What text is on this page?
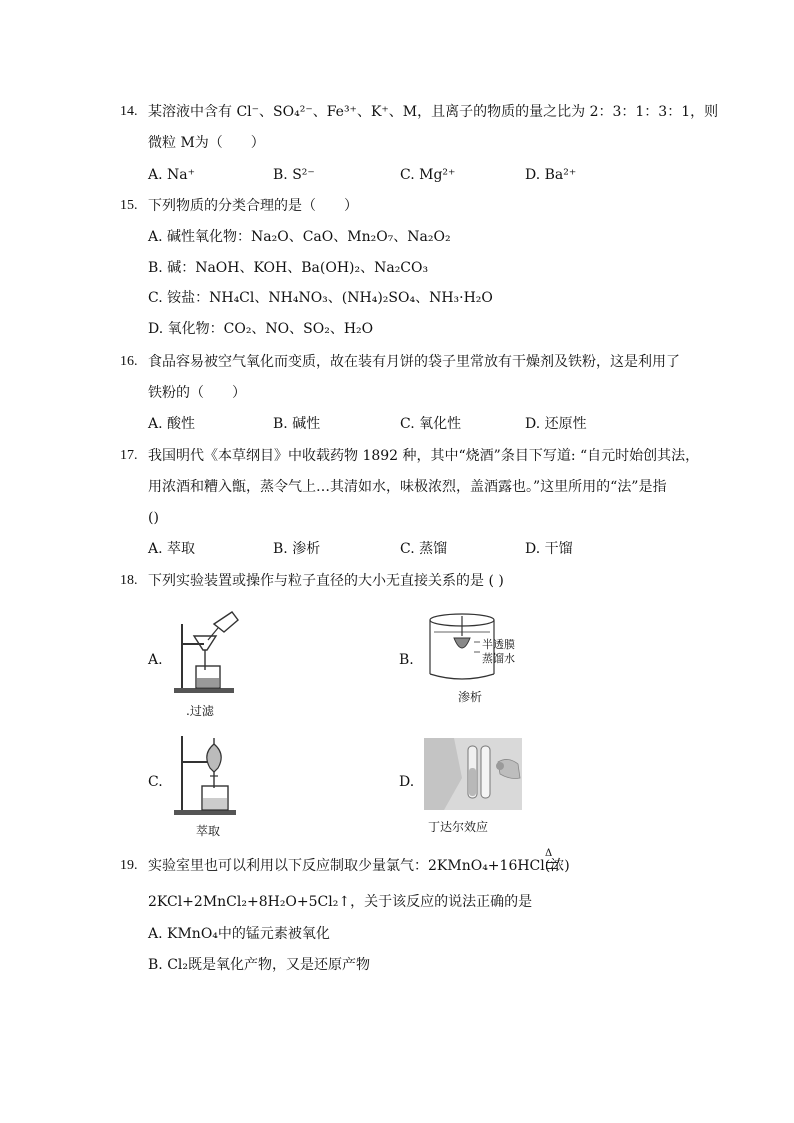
14. 某溶液中含有 Cl⁻、SO₄²⁻、Fe³⁺、K⁺、M，且离子的物质的量之比为 2：3：1：3：1，则
微粒 M为（　　）
A. Na⁺	B. S²⁻	C. Mg²⁺	D. Ba²⁺
15. 下列物质的分类合理的是（　　）
A. 碱性氧化物：Na₂O、CaO、Mn₂O₇、Na₂O₂
B. 碱：NaOH、KOH、Ba(OH)₂、Na₂CO₃
C. 铵盐：NH₄Cl、NH₄NO₃、(NH₄)₂SO₄、NH₃·H₂O
D. 氧化物：CO₂、NO、SO₂、H₂O
16. 食品容易被空气氧化而变质，故在装有月饼的袋子里常放有干燥剂及铁粉，这是利用了
铁粉的（　　）
A. 酸性	B. 碱性	C. 氧化性	D. 还原性
17. 我国明代《本草纲目》中收载药物 1892 种，其中“烧酒”条目下写道: “自元时始创其法，
用浓酒和糟入甑，蒸令气上…其清如水，味极浓烈，盖酒露也。”这里所用的“法”是指
()
A. 萃取	B. 渗析	C. 蒸馏	D. 干馏
18. 下列实验装置或操作与粒子直径的大小无直接关系的是 ( )
A.
.过滤
B.
半透膜
蒸馏水
渗析
C.
萃取
D.
丁达尔效应
19. 实验室里也可以利用以下反应制取少量氯气：2KMnO₄+16HCl(浓)
Δ
2KCl+2MnCl₂+8H₂O+5Cl₂↑，关于该反应的说法正确的是
A. KMnO₄中的锰元素被氧化
B. Cl₂既是氧化产物，又是还原产物
